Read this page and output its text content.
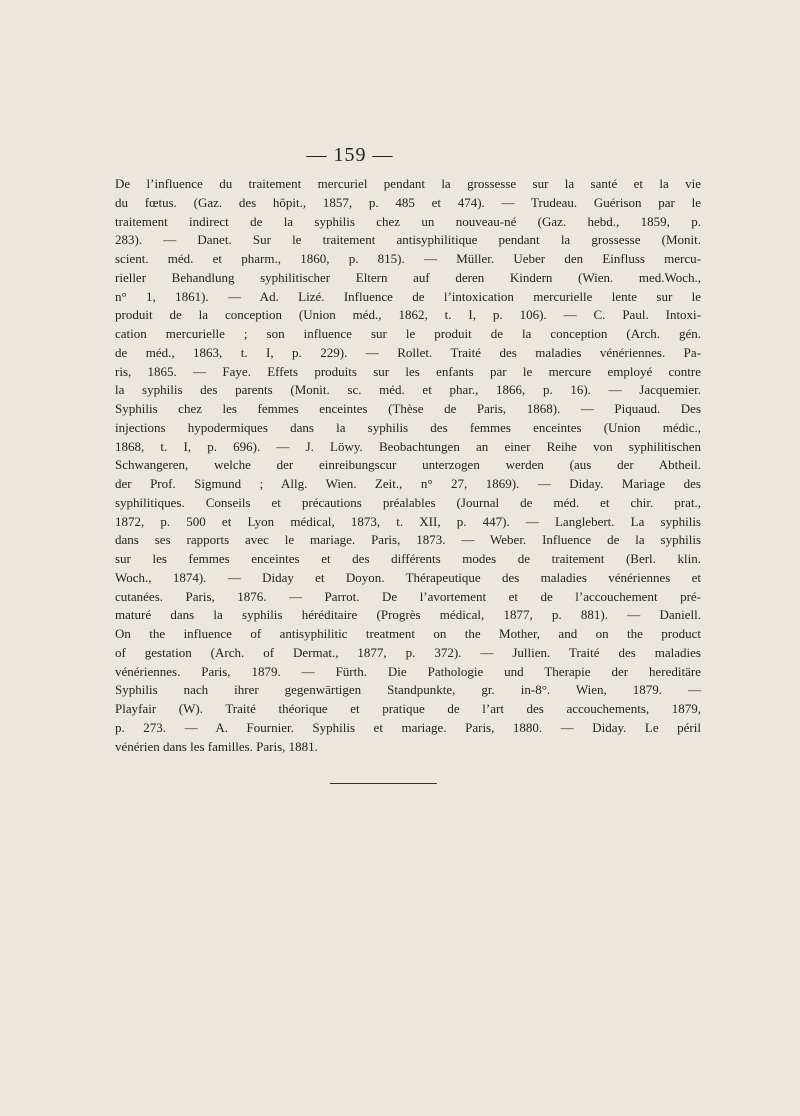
— 159 —

De l’influence du traitement mercuriel pendant la grossesse sur la santé et la vie
du fœtus. (Gaz. des hôpit., 1857, p. 485 et 474). — Trudeau. Guérison par le
traitement indirect de la syphilis chez un nouveau-né (Gaz. hebd., 1859, p.
283). — Danet. Sur le traitement antisyphilitique pendant la grossesse (Monit.
scient. méd. et pharm., 1860, p. 815). — Müller. Ueber den Einfluss mercu-
rieller Behandlung syphilitischer Eltern auf deren Kindern (Wien. med.Woch.,
n° 1, 1861). — Ad. Lizé. Influence de l’intoxication mercurielle lente sur le
produit de la conception (Union méd., 1862, t. I, p. 106). — C. Paul. Intoxi-
cation mercurielle ; son influence sur le produit de la conception (Arch. gén.
de méd., 1863, t. I, p. 229). — Rollet. Traité des maladies vénériennes. Pa-
ris, 1865. — Faye. Effets produits sur les enfants par le mercure employé contre
la syphilis des parents (Monit. sc. méd. et phar., 1866, p. 16). — Jacquemier.
Syphilis chez les femmes enceintes (Thèse de Paris, 1868). — Piquaud. Des
injections hypodermiques dans la syphilis des femmes enceintes (Union médic.,
1868, t. I, p. 696). — J. Löwy. Beobachtungen an einer Reihe von syphilitischen
Schwangeren, welche der einreibungscur unterzogen werden (aus der Abtheil.
der Prof. Sigmund ; Allg. Wien. Zeit., n° 27, 1869). — Diday. Mariage des
syphilitiques. Conseils et précautions préalables (Journal de méd. et chir. prat.,
1872, p. 500 et Lyon médical, 1873, t. XII, p. 447). — Langlebert. La syphilis
dans ses rapports avec le mariage. Paris, 1873. — Weber. Influence de la syphilis
sur les femmes enceintes et des différents modes de traitement (Berl. klin.
Woch., 1874). — Diday et Doyon. Thérapeutique des maladies vénériennes et
cutanées. Paris, 1876. — Parrot. De l’avortement et de l’accouchement pré-
maturé dans la syphilis héréditaire (Progrès médical, 1877, p. 881). — Daniell.
On the influence of antisyphilitic treatment on the Mother, and on the product
of gestation (Arch. of Dermat., 1877, p. 372). — Jullien. Traité des maladies
vénériennes. Paris, 1879. — Fürth. Die Pathologie und Therapie der hereditäre
Syphilis nach ihrer gegenwärtigen Standpunkte, gr. in-8°. Wien, 1879. —
Playfair (W). Traité théorique et pratique de l’art des accouchements, 1879,
p. 273. — A. Fournier. Syphilis et mariage. Paris, 1880. — Diday. Le péril
vénérien dans les familles. Paris, 1881.
